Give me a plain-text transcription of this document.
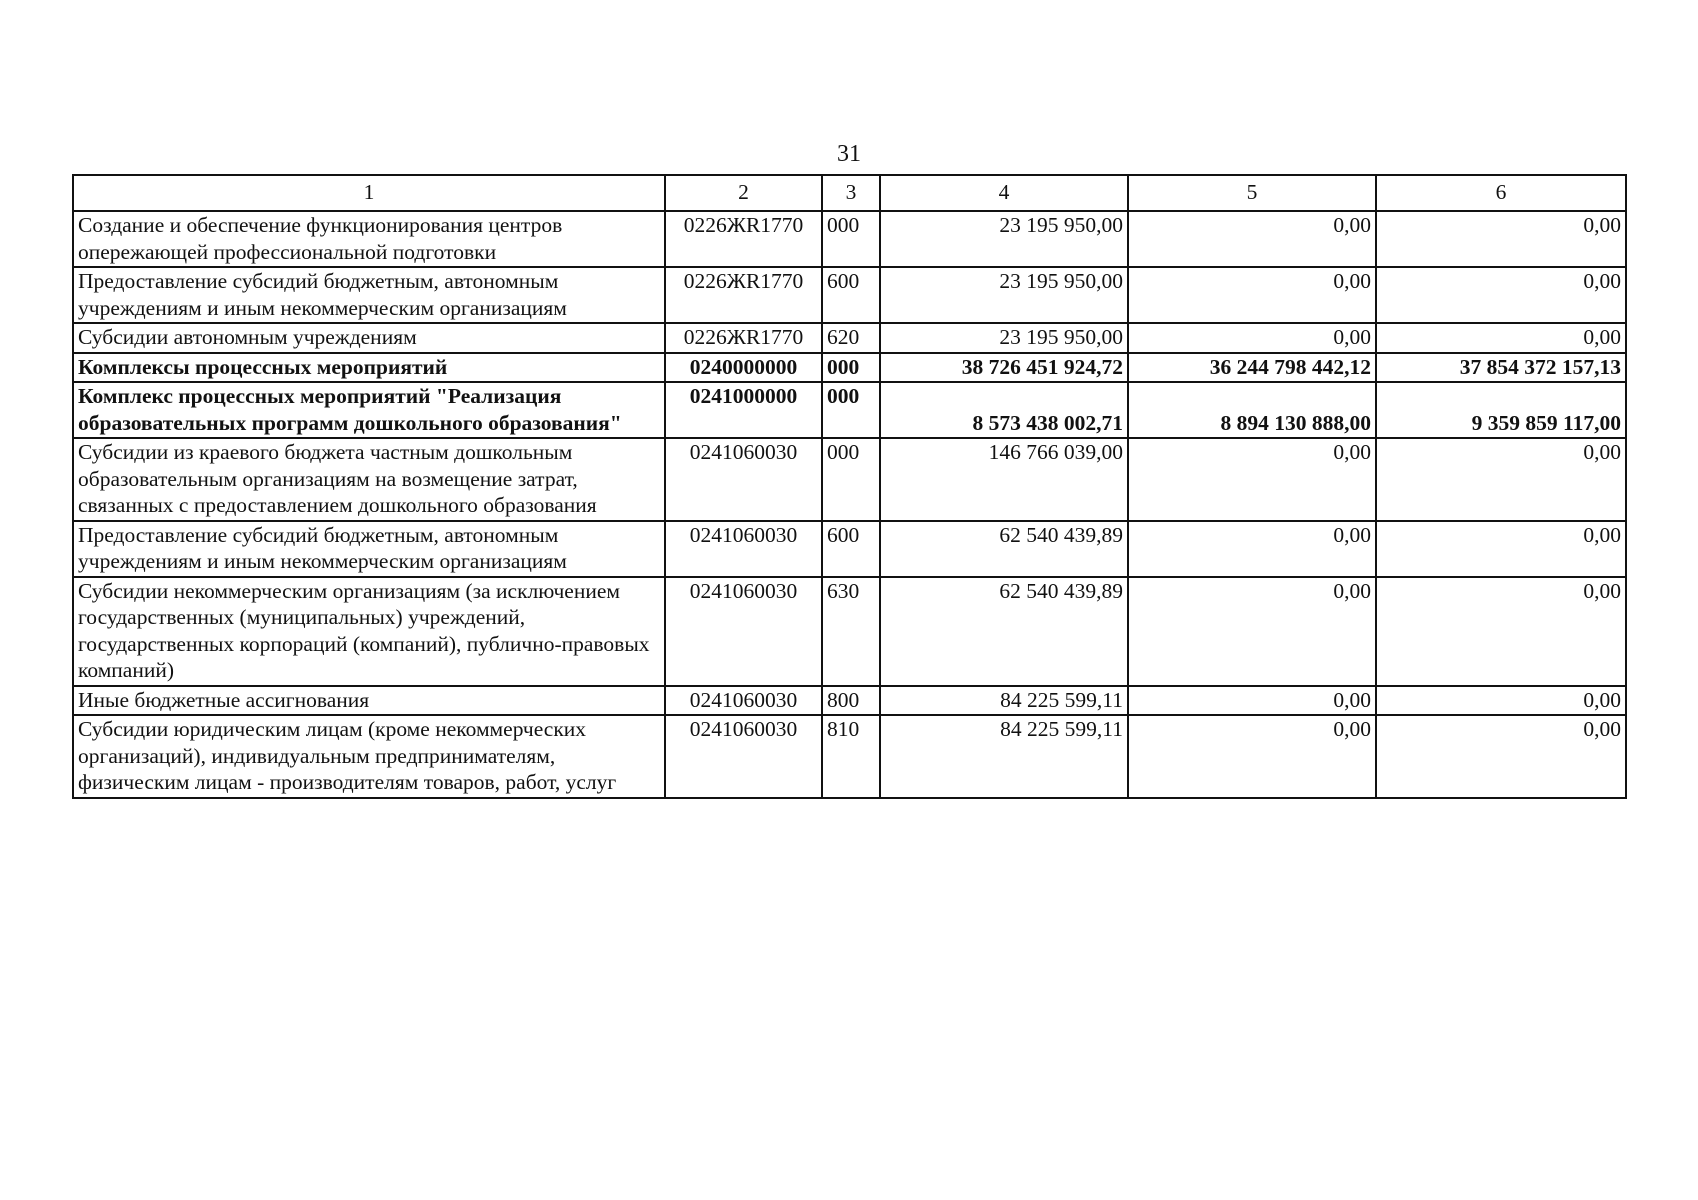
31
1	2	3	4	5	6
Создание и обеспечение функционирования центров опережающей профессиональной подготовки	0226ЖR1770	000	23 195 950,00	0,00	0,00
Предоставление субсидий бюджетным, автономным учреждениям и иным некоммерческим организациям	0226ЖR1770	600	23 195 950,00	0,00	0,00
Субсидии автономным учреждениям	0226ЖR1770	620	23 195 950,00	0,00	0,00
Комплексы процессных мероприятий	0240000000	000	38 726 451 924,72	36 244 798 442,12	37 854 372 157,13
Комплекс процессных мероприятий "Реализация образовательных программ дошкольного образования"	0241000000	000	8 573 438 002,71	8 894 130 888,00	9 359 859 117,00
Субсидии из краевого бюджета частным дошкольным образовательным организациям на возмещение затрат, связанных с предоставлением дошкольного образования	0241060030	000	146 766 039,00	0,00	0,00
Предоставление субсидий бюджетным, автономным учреждениям и иным некоммерческим организациям	0241060030	600	62 540 439,89	0,00	0,00
Субсидии некоммерческим организациям (за исключением государственных (муниципальных) учреждений, государственных корпораций (компаний), публично-правовых компаний)	0241060030	630	62 540 439,89	0,00	0,00
Иные бюджетные ассигнования	0241060030	800	84 225 599,11	0,00	0,00
Субсидии юридическим лицам (кроме некоммерческих организаций), индивидуальным предпринимателям, физическим лицам - производителям товаров, работ, услуг	0241060030	810	84 225 599,11	0,00	0,00
